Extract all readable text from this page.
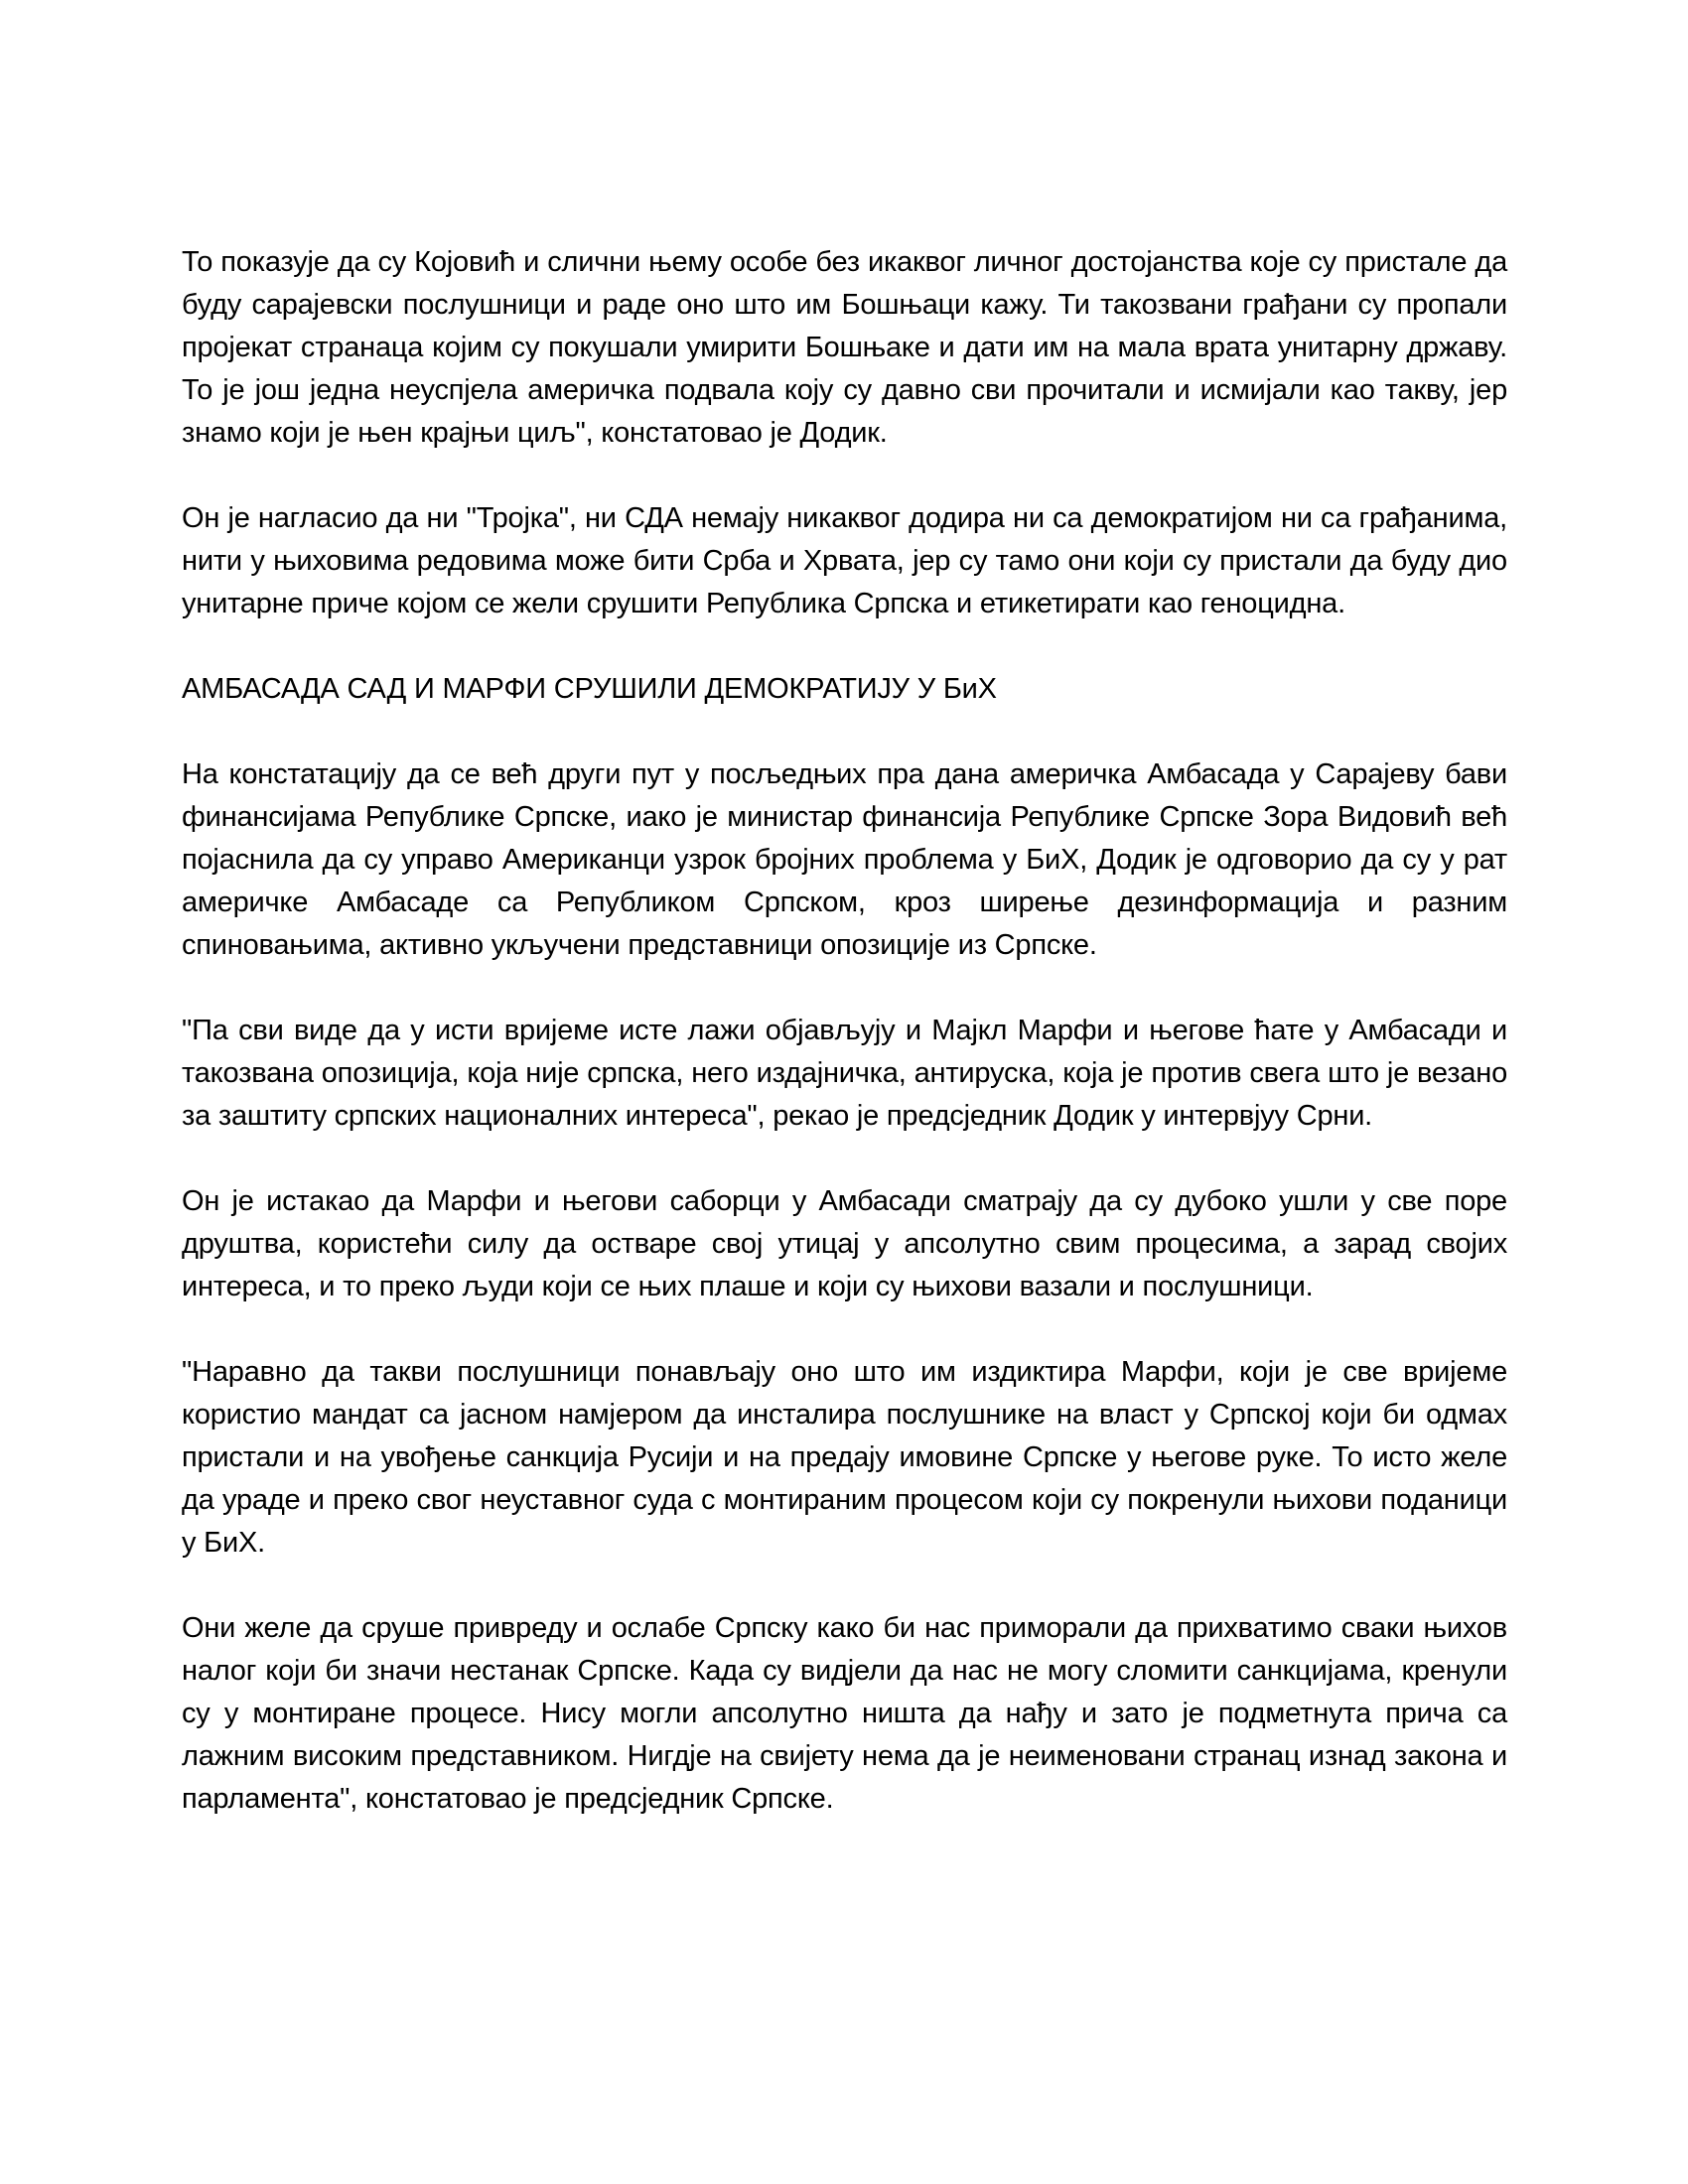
То показује да су Којовић и слични њему особе без икаквог личног достојанства које су пристале да буду сарајевски послушници и раде оно што им Бошњаци кажу. Ти такозвани грађани су пропали пројекат странаца којим су покушали умирити Бошњаке и дати им на мала врата унитарну државу. То је још једна неуспјела америчка подвала коју су давно сви прочитали и исмијали као такву, јер знамо који је њен крајњи циљ", констатовао је Додик.

Он је нагласио да ни "Тројка", ни СДА немају никаквог додира ни са демократијом ни са грађанима, нити у њиховима редовима може бити Срба и Хрвата, јер су тамо они који су пристали да буду дио унитарне приче којом се жели срушити Република Српска и етикетирати као геноцидна.

АМБАСАДА САД И МАРФИ СРУШИЛИ ДЕМОКРАТИЈУ У БиХ

На констатацију да се већ други пут у посљедњих пра дана америчка Амбасада у Сарајеву бави финансијама Републике Српске, иако је министар финансија Републике Српске Зора Видовић већ појаснила да су управо Американци узрок бројних проблема у БиХ, Додик је одговорио да су у рат америчке Амбасаде са Републиком Српском, кроз ширење дезинформација и разним спиновањима, активно укључени представници опозиције из Српске.

"Па сви виде да у исти вријеме исте лажи објављују и Мајкл Марфи и његове ћате у Амбасади и такозвана опозиција, која није српска, него издајничка, антируска, која је против свега што је везано за заштиту српских националних интереса", рекао је предсједник Додик у интервјуу Срни.

Он је истакао да Марфи и његови саборци у Амбасади сматрају да су дубоко ушли у све поре друштва, користећи силу да остваре свој утицај у апсолутно свим процесима, а зарад својих интереса, и то преко људи који се њих плаше и који су њихови вазали и послушници.

"Наравно да такви послушници понављају оно што им издиктира Марфи, који је све вријеме користио мандат са јасном намјером да инсталира послушнике на власт у Српској који би одмах пристали и на увођење санкција Русији и на предају имовине Српске у његове руке. То исто желе да ураде и преко свог неуставног суда с монтираним процесом који су покренули њихови поданици у БиХ.

Они желе да сруше привреду и ослабе Српску како би нас приморали да прихватимо сваки њихов налог који би значи нестанак Српске. Када су видјели да нас не могу сломити санкцијама, кренули су у монтиране процесе. Нису могли апсолутно ништа да нађу и зато је подметнута прича са лажним високим представником. Нигдје на свијету нема да је неименовани странац изнад закона и парламента", констатовао је предсједник Српске.
